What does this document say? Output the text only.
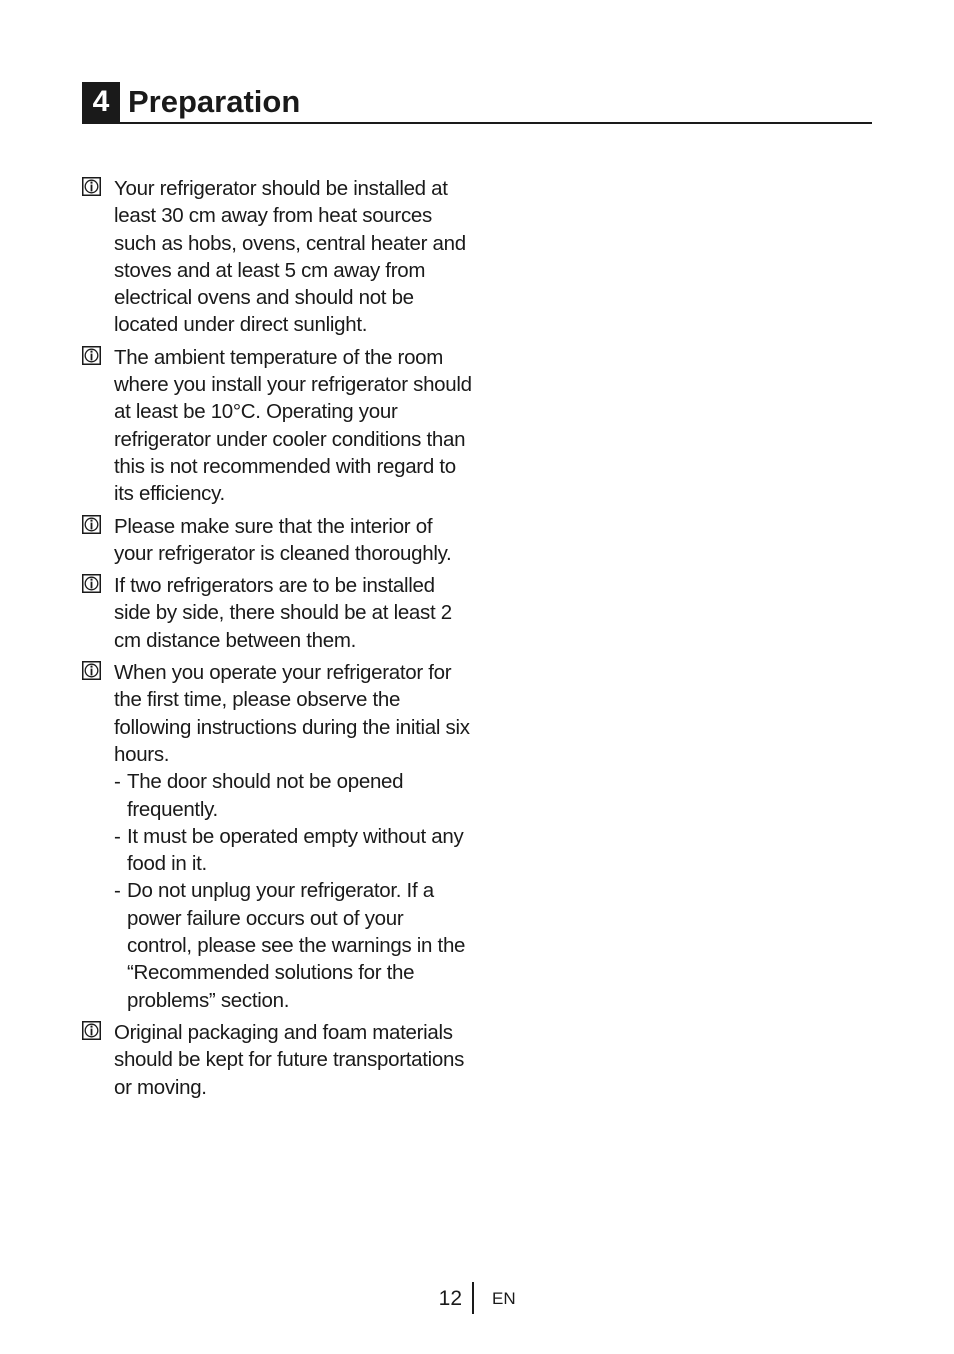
4 Preparation
Your refrigerator should be installed at least 30 cm away from heat sources such as hobs, ovens, central heater and stoves and at least 5 cm away from electrical ovens and should not be located under direct sunlight.
The ambient temperature of the room where you install your refrigerator should at least be 10°C. Operating your refrigerator under cooler conditions than this is not recommended with regard to its efficiency.
Please make sure that the interior of your refrigerator is cleaned thoroughly.
If two refrigerators are to be installed side by side, there should be at least 2 cm distance between them.
When you operate your refrigerator for the first time, please observe the following instructions during the initial six hours.
- The door should not be opened frequently.
- It must be operated empty without any food in it.
- Do not unplug your refrigerator. If a power failure occurs out of your control, please see the warnings in the “Recommended solutions for the problems” section.
Original packaging and foam materials should be kept for future transportations or moving.
12 EN
